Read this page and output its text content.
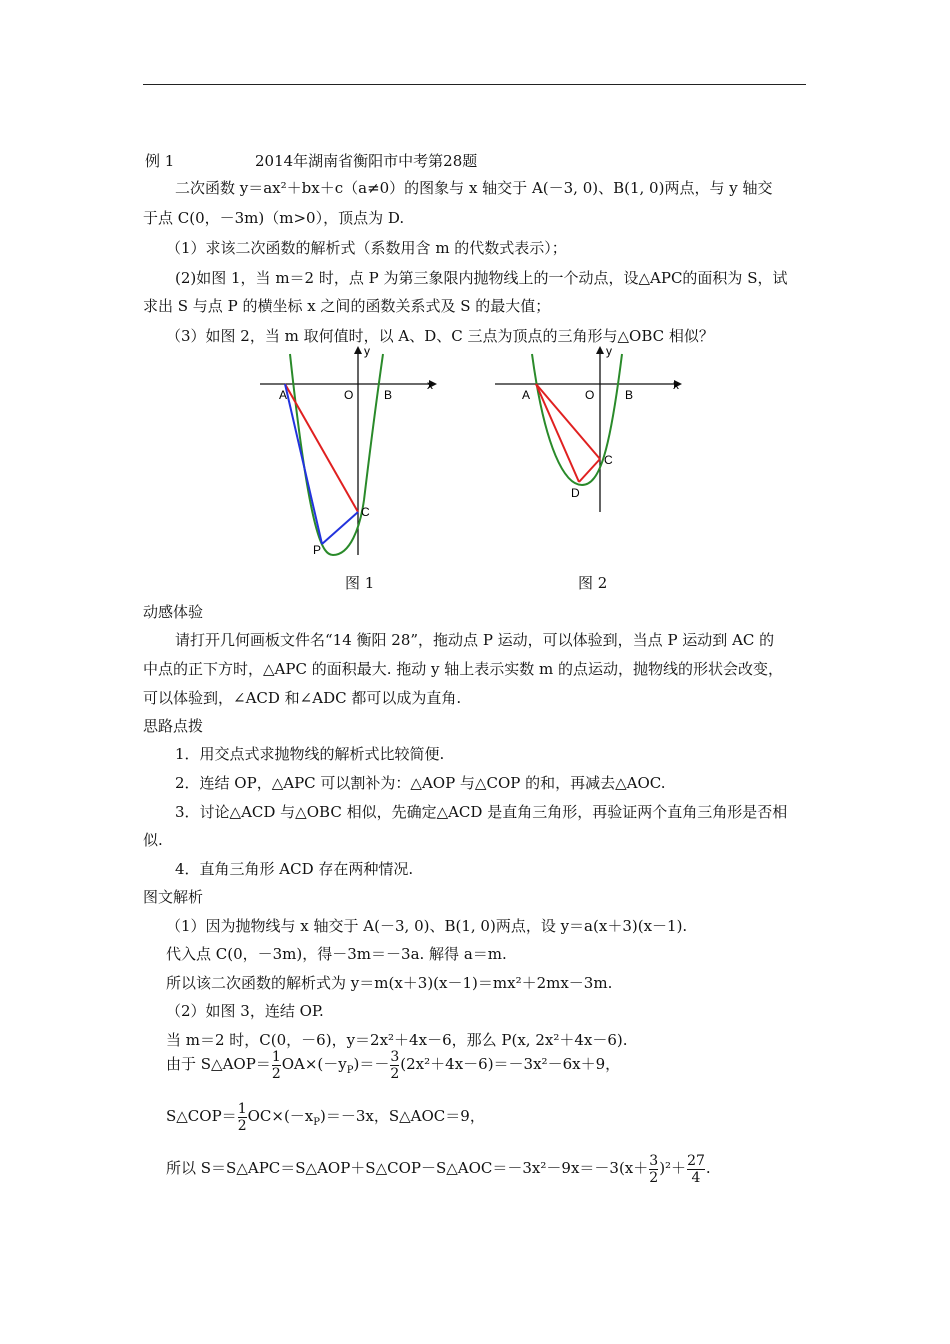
例 1	2014年湖南省衡阳市中考第28题
二次函数 y＝ax²＋bx＋c（a≠0）的图象与 x 轴交于 A(－3, 0)、B(1, 0)两点，与 y 轴交
于点 C(0，－3m)（m>0），顶点为 D.
（1）求该二次函数的解析式（系数用含 m 的代数式表示）；
(2)如图 1，当 m＝2 时，点 P 为第三象限内抛物线上的一个动点，设△APC的面积为 S，试
求出 S 与点 P 的横坐标 x 之间的函数关系式及 S 的最大值；
（3）如图 2，当 m 取何值时，以 A、D、C 三点为顶点的三角形与△OBC 相似？
A	O	B
C
P
x
y
A	O	B
C
D
x
y
图 1	图 2
动感体验
请打开几何画板文件名“14 衡阳 28”，拖动点 P 运动，可以体验到，当点 P 运动到 AC 的
中点的正下方时，△APC 的面积最大. 拖动 y 轴上表示实数 m 的点运动，抛物线的形状会改变，
可以体验到，∠ACD 和∠ADC 都可以成为直角.
思路点拨
1．用交点式求抛物线的解析式比较简便.
2．连结 OP，△APC 可以割补为：△AOP 与△COP 的和，再减去△AOC.
3．讨论△ACD 与△OBC 相似，先确定△ACD 是直角三角形，再验证两个直角三角形是否相
似.
4．直角三角形 ACD 存在两种情况.
图文解析
（1）因为抛物线与 x 轴交于 A(－3, 0)、B(1, 0)两点，设 y＝a(x＋3)(x－1).
代入点 C(0，－3m)，得－3m＝－3a. 解得 a＝m.
所以该二次函数的解析式为 y＝m(x＋3)(x－1)＝mx²＋2mx－3m.
（2）如图 3，连结 OP.
当 m＝2 时，C(0，－6)，y＝2x²＋4x－6，那么 P(x, 2x²＋4x－6).
由于 S△AOP＝ $\frac{1}{2} OA\times(-y_P)=- \frac{3}{2} (2x^2+4x-6)=-3x^2-6x+9$，
S△COP＝ $\frac{1}{2} OC\times(-x_P)=-3x$，S△AOC＝9，
所以 S＝S△APC＝S△AOP＋S△COP－S△AOC＝－3x²－9x＝－3(x＋ $\frac{3}{2} )^2+ \frac{27}{4}$ .
